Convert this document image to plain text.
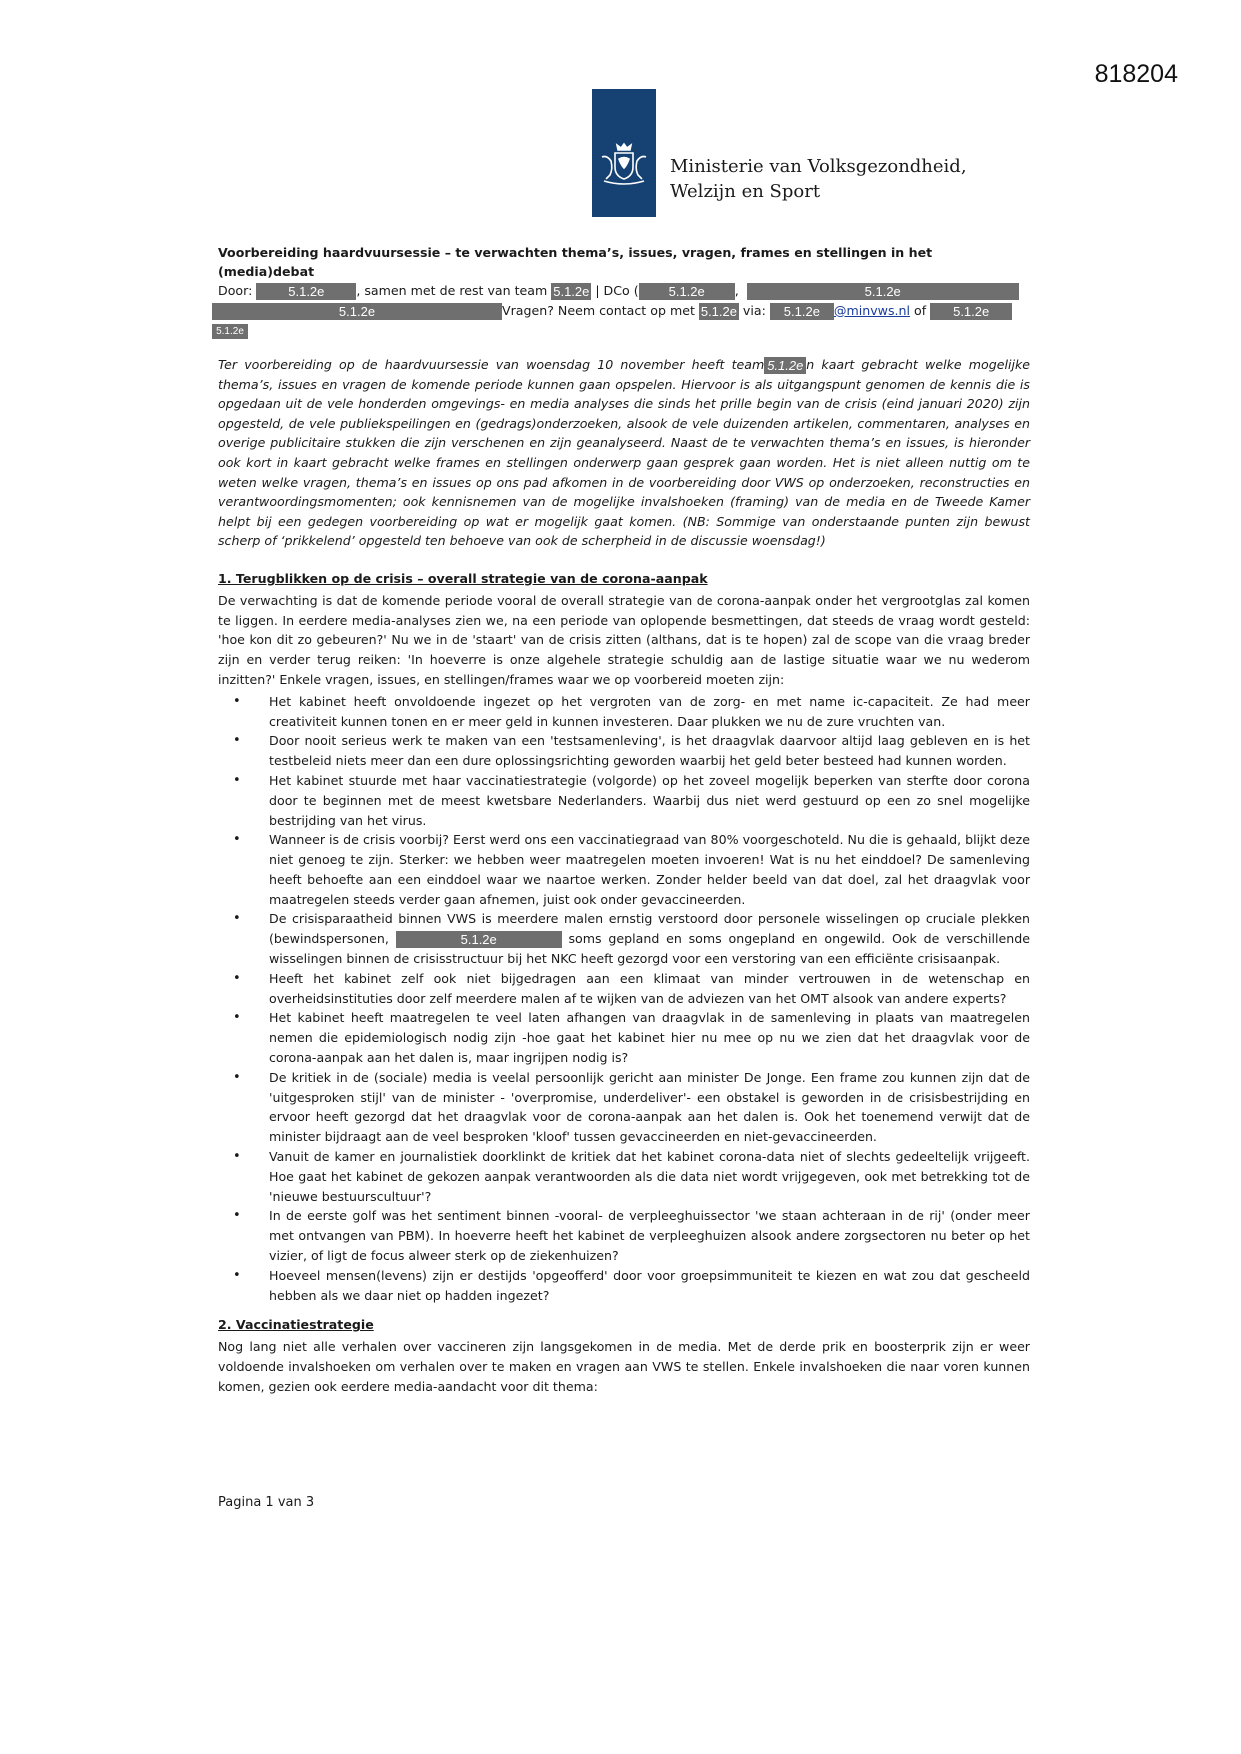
818204
Ministerie van Volksgezondheid,
Welzijn en Sport

Voorbereiding haardvuursessie – te verwachten thema’s, issues, vragen, frames en stellingen in het (media)debat

Door:	5.1.2e	, samen met de rest van team 5.1.2e | DCo ( 5.1.2e ,	5.1.2e
5.1.2e	Vragen? Neem contact op met 5.1.2e via: 5.1.2e @minvws.nl of 5.1.2e
5.1.2e

Ter voorbereiding op de haardvuursessie van woensdag 10 november heeft team 5.1.2e n kaart gebracht welke mogelijke thema’s, issues en vragen de komende periode kunnen gaan opspelen. Hiervoor is als uitgangspunt genomen de kennis die is opgedaan uit de vele honderden omgevings- en media analyses die sinds het prille begin van de crisis (eind januari 2020) zijn opgesteld, de vele publiekspeilingen en (gedrags)onderzoeken, alsook de vele duizenden artikelen, commentaren, analyses en overige publicitaire stukken die zijn verschenen en zijn geanalyseerd. Naast de te verwachten thema’s en issues, is hieronder ook kort in kaart gebracht welke frames en stellingen onderwerp gaan gesprek gaan worden. Het is niet alleen nuttig om te weten welke vragen, thema’s en issues op ons pad afkomen in de voorbereiding door VWS op onderzoeken, reconstructies en verantwoordingsmomenten; ook kennisnemen van de mogelijke invalshoeken (framing) van de media en de Tweede Kamer helpt bij een gedegen voorbereiding op wat er mogelijk gaat komen. (NB: Sommige van onderstaande punten zijn bewust scherp of ‘prikkelend’ opgesteld ten behoeve van ook de scherpheid in de discussie woensdag!)

1. Terugblikken op de crisis – overall strategie van de corona-aanpak

De verwachting is dat de komende periode vooral de overall strategie van de corona-aanpak onder het vergrootglas zal komen te liggen. In eerdere media-analyses zien we, na een periode van oplopende besmettingen, dat steeds de vraag wordt gesteld: 'hoe kon dit zo gebeuren?' Nu we in de 'staart' van de crisis zitten (althans, dat is te hopen) zal de scope van die vraag breder zijn en verder terug reiken: 'In hoeverre is onze algehele strategie schuldig aan de lastige situatie waar we nu wederom inzitten?' Enkele vragen, issues, en stellingen/frames waar we op voorbereid moeten zijn:

• Het kabinet heeft onvoldoende ingezet op het vergroten van de zorg- en met name ic-capaciteit. Ze had meer creativiteit kunnen tonen en er meer geld in kunnen investeren. Daar plukken we nu de zure vruchten van.
• Door nooit serieus werk te maken van een 'testsamenleving', is het draagvlak daarvoor altijd laag gebleven en is het testbeleid niets meer dan een dure oplossingsrichting geworden waarbij het geld beter besteed had kunnen worden.
• Het kabinet stuurde met haar vaccinatiestrategie (volgorde) op het zoveel mogelijk beperken van sterfte door corona door te beginnen met de meest kwetsbare Nederlanders. Waarbij dus niet werd gestuurd op een zo snel mogelijke bestrijding van het virus.
• Wanneer is de crisis voorbij? Eerst werd ons een vaccinatiegraad van 80% voorgeschoteld. Nu die is gehaald, blijkt deze niet genoeg te zijn. Sterker: we hebben weer maatregelen moeten invoeren! Wat is nu het einddoel? De samenleving heeft behoefte aan een einddoel waar we naartoe werken. Zonder helder beeld van dat doel, zal het draagvlak voor maatregelen steeds verder gaan afnemen, juist ook onder gevaccineerden.
• De crisisparaatheid binnen VWS is meerdere malen ernstig verstoord door personele wisselingen op cruciale plekken (bewindspersonen,	5.1.2e	soms gepland en soms ongepland en ongewild. Ook de verschillende wisselingen binnen de crisisstructuur bij het NKC heeft gezorgd voor een verstoring van een efficiënte crisisaanpak.
• Heeft het kabinet zelf ook niet bijgedragen aan een klimaat van minder vertrouwen in de wetenschap en overheidsinstituties door zelf meerdere malen af te wijken van de adviezen van het OMT alsook van andere experts?
• Het kabinet heeft maatregelen te veel laten afhangen van draagvlak in de samenleving in plaats van maatregelen nemen die epidemiologisch nodig zijn -hoe gaat het kabinet hier nu mee op nu we zien dat het draagvlak voor de corona-aanpak aan het dalen is, maar ingrijpen nodig is?
• De kritiek in de (sociale) media is veelal persoonlijk gericht aan minister De Jonge. Een frame zou kunnen zijn dat de 'uitgesproken stijl' van de minister - 'overpromise, underdeliver'- een obstakel is geworden in de crisisbestrijding en ervoor heeft gezorgd dat het draagvlak voor de corona-aanpak aan het dalen is. Ook het toenemend verwijt dat de minister bijdraagt aan de veel besproken 'kloof' tussen gevaccineerden en niet-gevaccineerden.
• Vanuit de kamer en journalistiek doorklinkt de kritiek dat het kabinet corona-data niet of slechts gedeeltelijk vrijgeeft. Hoe gaat het kabinet de gekozen aanpak verantwoorden als die data niet wordt vrijgegeven, ook met betrekking tot de 'nieuwe bestuurscultuur'?
• In de eerste golf was het sentiment binnen -vooral- de verpleeghuissector 'we staan achteraan in de rij' (onder meer met ontvangen van PBM). In hoeverre heeft het kabinet de verpleeghuizen alsook andere zorgsectoren nu beter op het vizier, of ligt de focus alweer sterk op de ziekenhuizen?
• Hoeveel mensen(levens) zijn er destijds 'opgeofferd' door voor groepsimmuniteit te kiezen en wat zou dat gescheeld hebben als we daar niet op hadden ingezet?
2. Vaccinatiestrategie

Nog lang niet alle verhalen over vaccineren zijn langsgekomen in de media. Met de derde prik en boosterprik zijn er weer voldoende invalshoeken om verhalen over te maken en vragen aan VWS te stellen. Enkele invalshoeken die naar voren kunnen komen, gezien ook eerdere media-aandacht voor dit thema:

Pagina 1 van 3
